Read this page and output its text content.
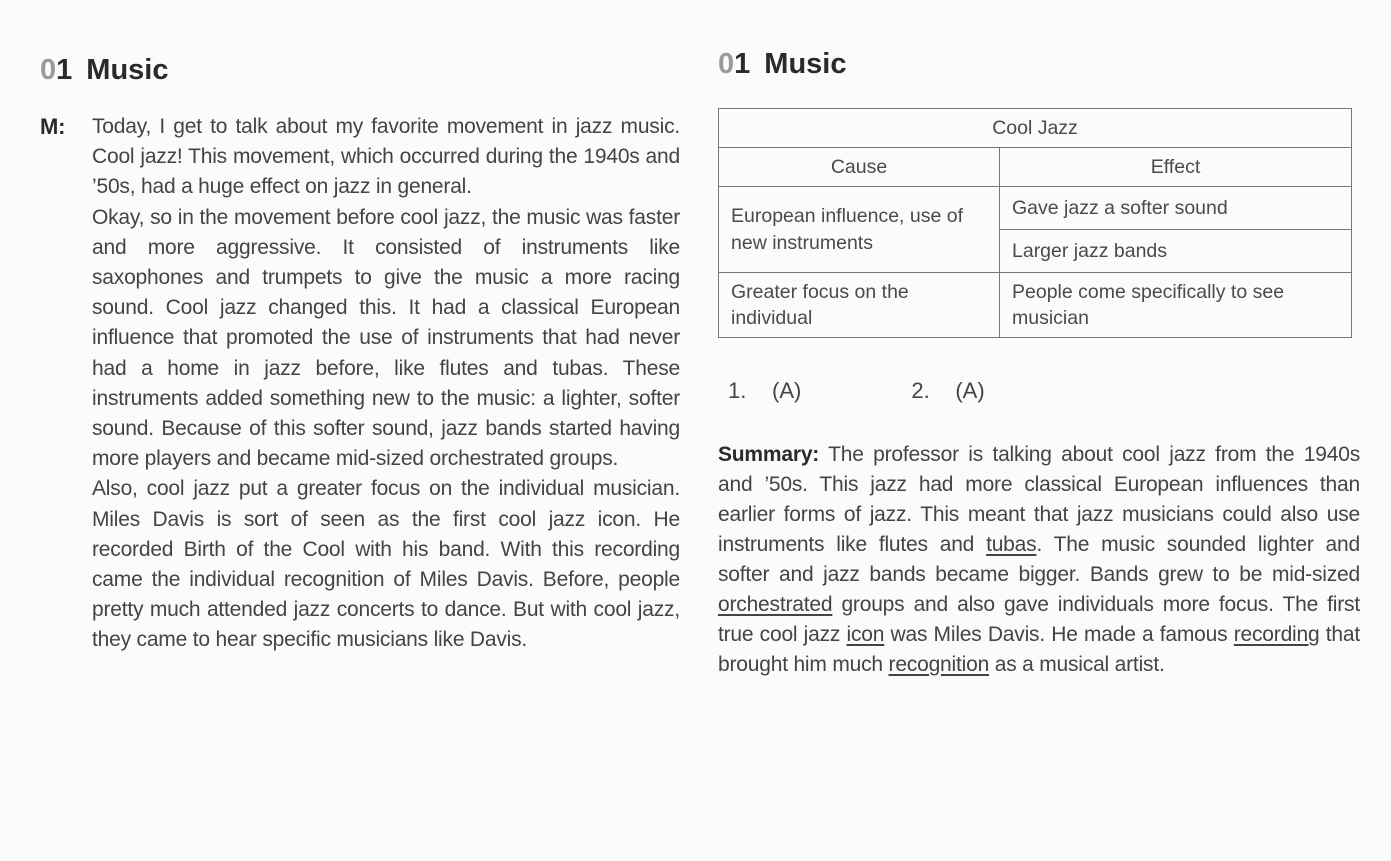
01 Music
M: Today, I get to talk about my favorite movement in jazz music. Cool jazz! This movement, which occurred during the 1940s and ’50s, had a huge effect on jazz in general.

Okay, so in the movement before cool jazz, the music was faster and more aggressive. It consisted of instruments like saxophones and trumpets to give the music a more racing sound. Cool jazz changed this. It had a classical European influence that promoted the use of instruments that had never had a home in jazz before, like flutes and tubas. These instruments added something new to the music: a lighter, softer sound. Because of this softer sound, jazz bands started having more players and became mid-sized orchestrated groups.

Also, cool jazz put a greater focus on the individual musician. Miles Davis is sort of seen as the first cool jazz icon. He recorded Birth of the Cool with his band. With this recording came the individual recognition of Miles Davis. Before, people pretty much attended jazz concerts to dance. But with cool jazz, they came to hear specific musicians like Davis.

01 Music
Cool Jazz	
Cause	Effect
European influence, use of new instruments	Gave jazz a softer sound
	Larger jazz bands
Greater focus on the individual	People come specifically to see musician
1.	(A)	2.	(A)

Summary: The professor is talking about cool jazz from the 1940s and ’50s. This jazz had more classical European influences than earlier forms of jazz. This meant that jazz musicians could also use instruments like flutes and tubas. The music sounded lighter and softer and jazz bands became bigger. Bands grew to be mid-sized orchestrated groups and also gave individuals more focus. The first true cool jazz icon was Miles Davis. He made a famous recording that brought him much recognition as a musical artist.
